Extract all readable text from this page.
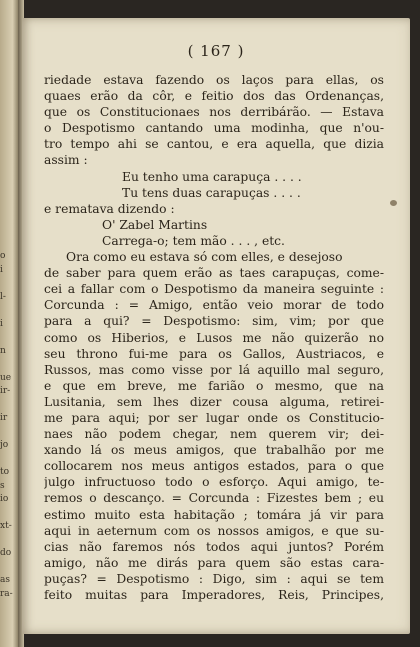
o
i

l-

i

n

ue
ir-

ir

jo

to
s
io

xt-

do

as
ra-
( 167 )
riedade estava fazendo os laços para ellas, os
quaes erão da côr, e feitio dos das Ordenanças,
que os Constitucionaes nos derribárão. — Estava
o Despotismo cantando uma modinha, que n'ou-
tro tempo ahi se cantou, e era aquella, que dizia
assim :
Eu tenho uma carapuça . . . .
Tu tens duas carapuças . . . .
e rematava dizendo :
O' Zabel Martins
Carrega-o; tem mão . . . , etc.
Ora como eu estava só com elles, e desejoso
de saber para quem erão as taes carapuças, come-
cei a fallar com o Despotismo da maneira seguinte :
Corcunda : = Amigo, então veio morar de todo
para a qui? = Despotismo: sim, vim; por que
como os Hiberios, e Lusos me não quizerão no
seu throno fui-me para os Gallos, Austriacos, e
Russos, mas como visse por lá aquillo mal seguro,
e que em breve, me farião o mesmo, que na
Lusitania, sem lhes dizer cousa alguma, retirei-
me para aqui; por ser lugar onde os Constitucio-
naes não podem chegar, nem querem vir; dei-
xando lá os meus amigos, que trabalhão por me
collocarem nos meus antigos estados, para o que
julgo infructuoso todo o esforço. Aqui amigo, te-
remos o descanço. = Corcunda : Fizestes bem ; eu
estimo muito esta habitação ; tomára já vir para
aqui in aeternum com os nossos amigos, e que su-
cias não faremos nós todos aqui juntos? Porém
amigo, não me dirás para quem são estas cara-
puças? = Despotismo : Digo, sim : aqui se tem
feito muitas para Imperadores, Reis, Principes,
